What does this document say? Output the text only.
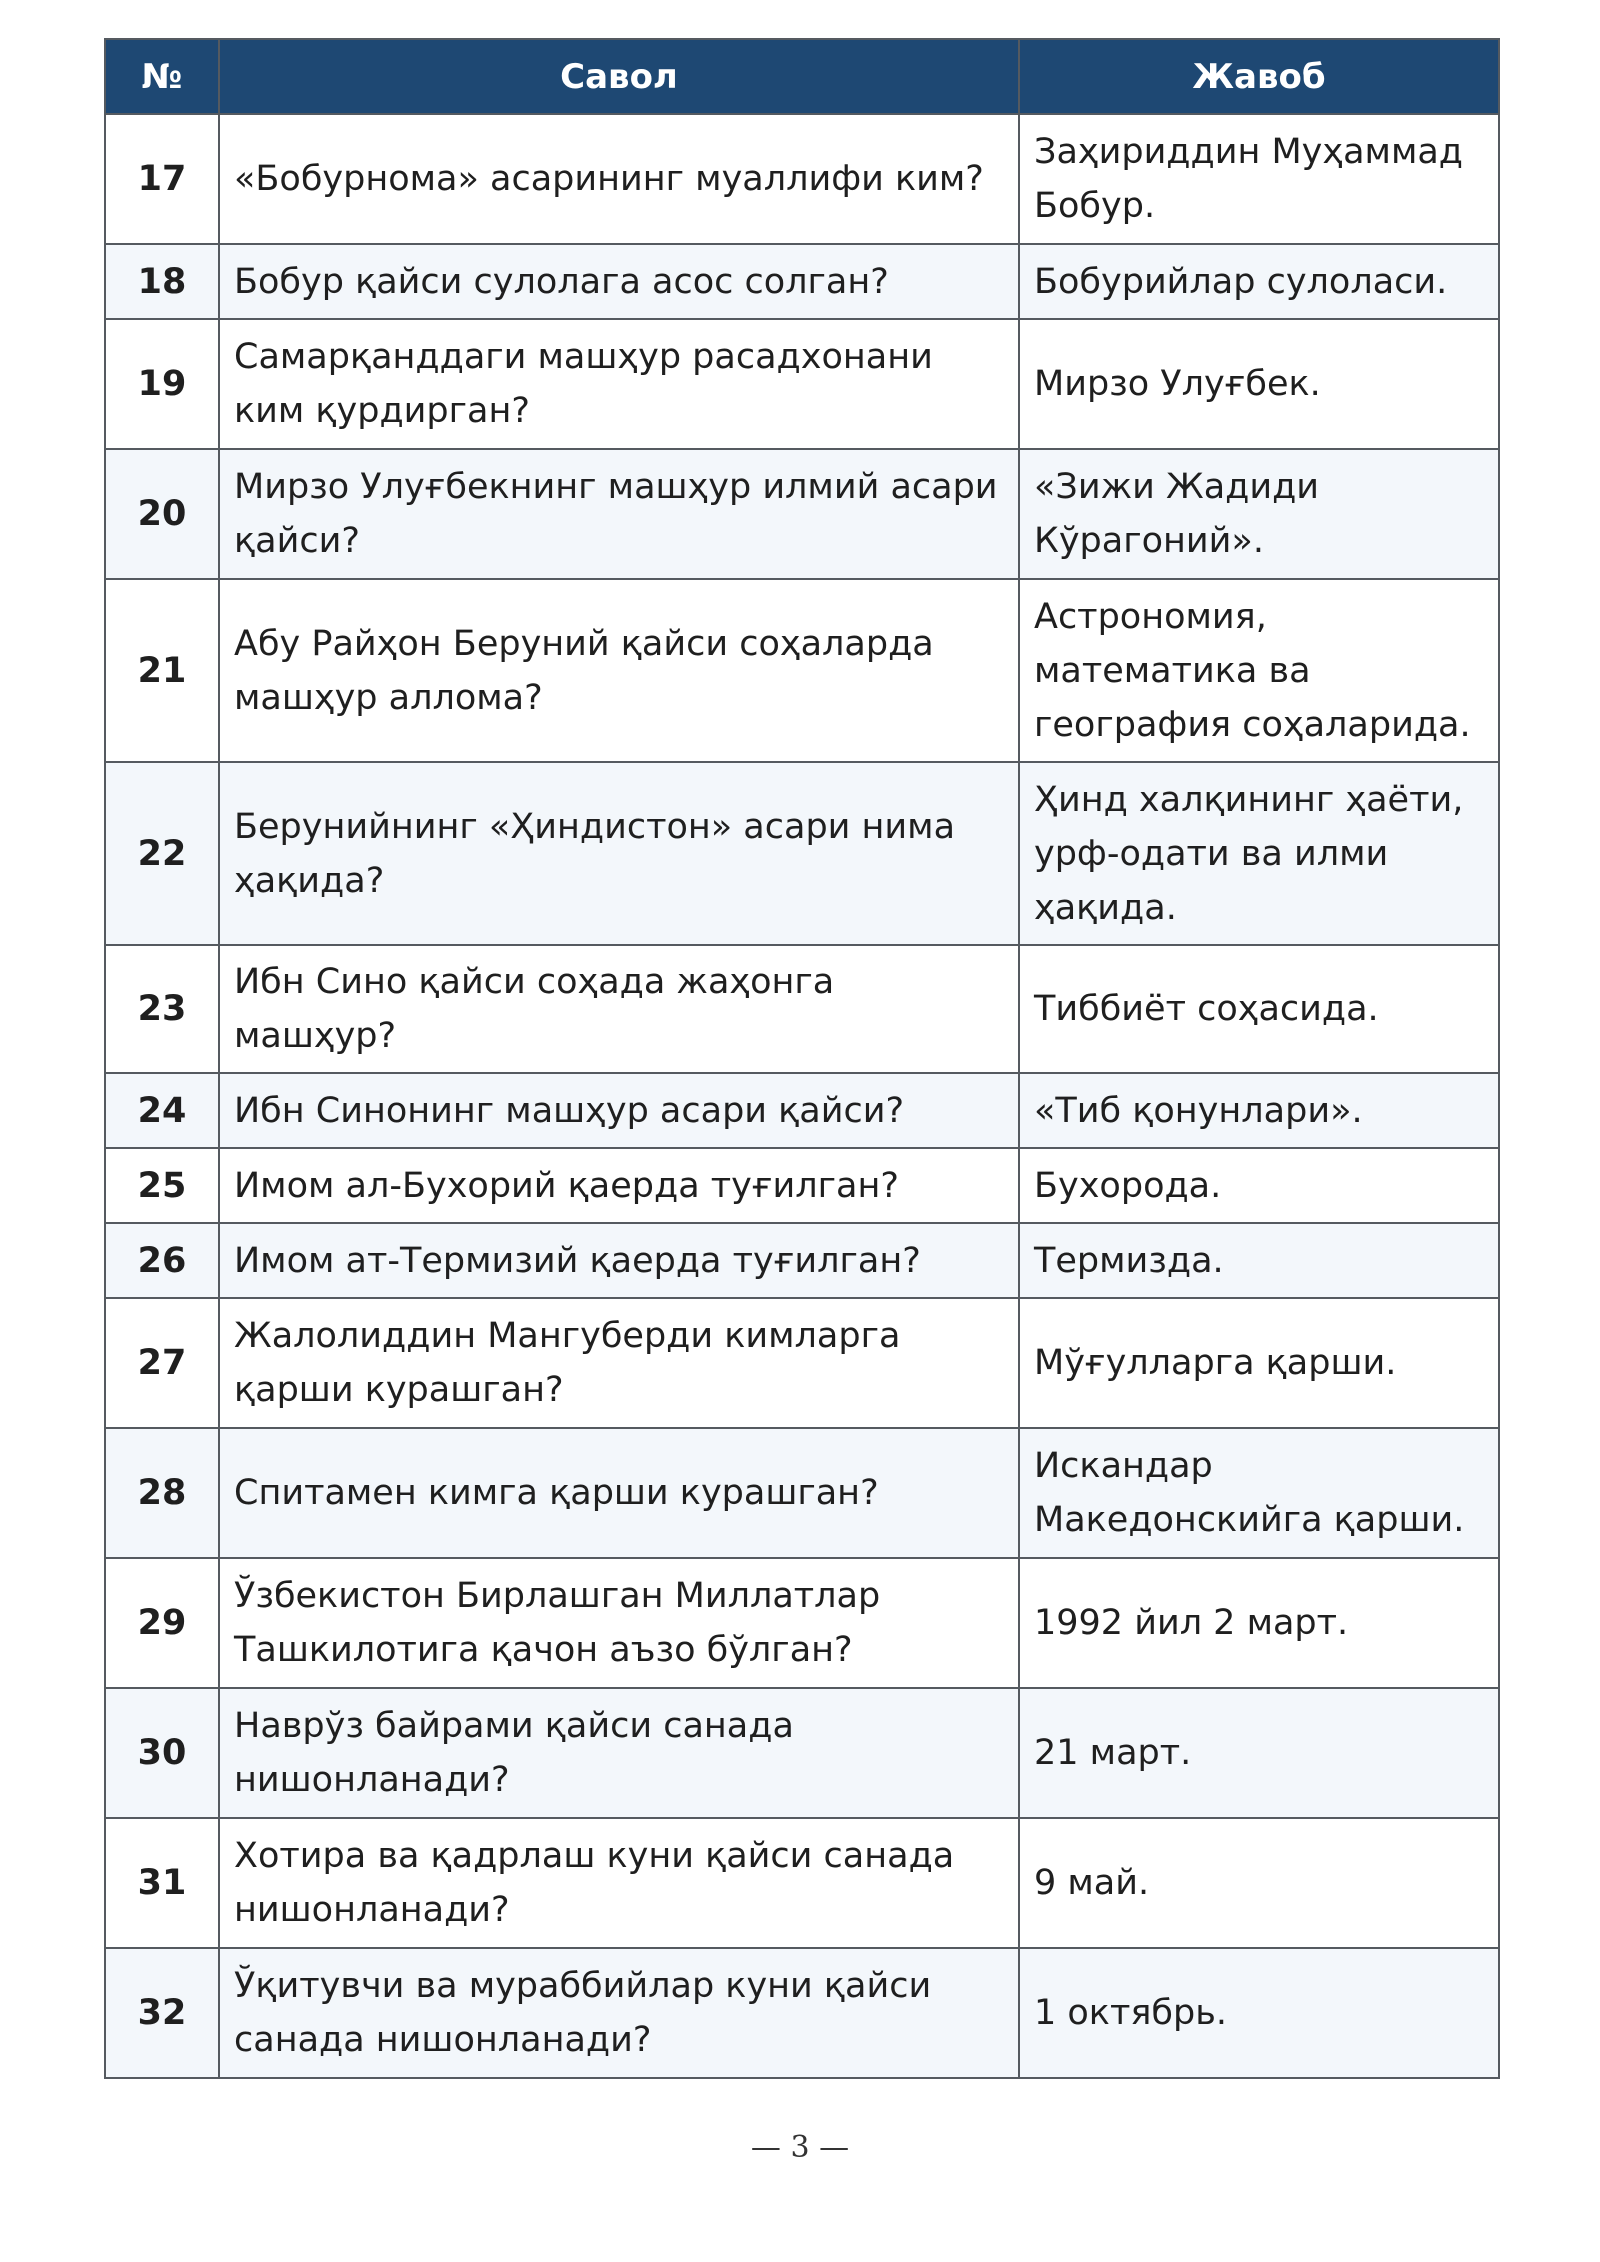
№	Савол	Жавоб
17	«Бобурнома» асарининг муаллифи ким?	Заҳириддин Муҳаммад Бобур.
18	Бобур қайси сулолага асос солган?	Бобурийлар сулоласи.
19	Самарқанддаги машҳур расадхонани ким қурдирган?	Мирзо Улуғбек.
20	Мирзо Улуғбекнинг машҳур илмий асари қайси?	«Зижи Жадиди Кўрагоний».
21	Абу Райҳон Беруний қайси соҳаларда машҳур аллома?	Астрономия, математика ва география соҳаларида.
22	Берунийнинг «Ҳиндистон» асари нима ҳақида?	Ҳинд халқининг ҳаёти, урф-одати ва илми ҳақида.
23	Ибн Сино қайси соҳада жаҳонга машҳур?	Тиббиёт соҳасида.
24	Ибн Синонинг машҳур асари қайси?	«Тиб қонунлари».
25	Имом ал-Бухорий қаерда туғилган?	Бухорода.
26	Имом ат-Термизий қаерда туғилган?	Термизда.
27	Жалолиддин Мангуберди кимларга қарши курашган?	Мўғулларга қарши.
28	Спитамен кимга қарши курашган?	Искандар Македонскийга қарши.
29	Ўзбекистон Бирлашган Миллатлар Ташкилотига қачон аъзо бўлган?	1992 йил 2 март.
30	Наврўз байрами қайси санада нишонланади?	21 март.
31	Хотира ва қадрлаш куни қайси санада нишонланади?	9 май.
32	Ўқитувчи ва мураббийлар куни қайси санада нишонланади?	1 октябрь.
— 3 —
